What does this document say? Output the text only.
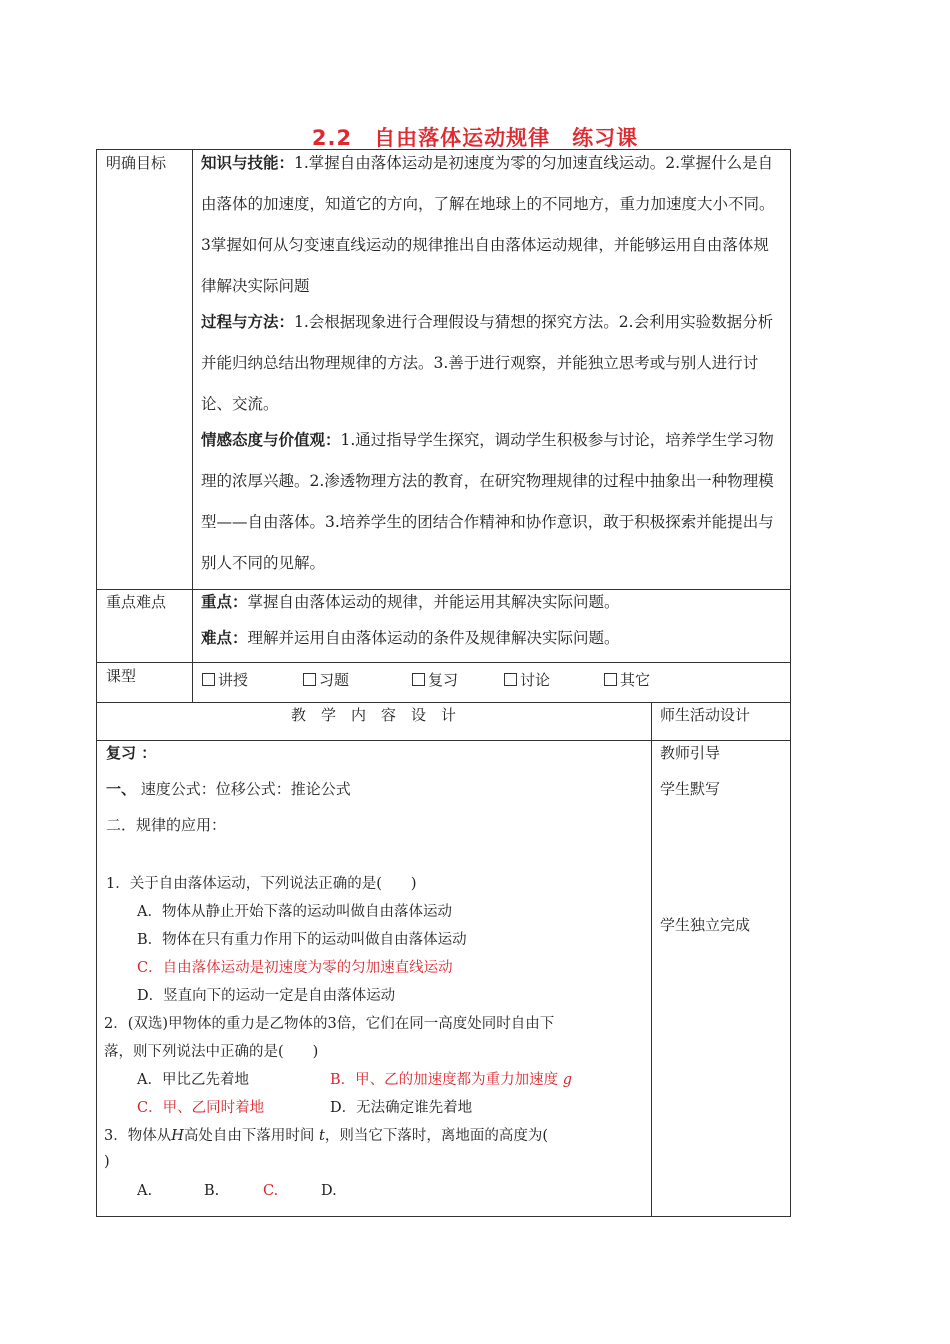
2.2 自由落体运动规律 练习课
明确目标 知识与技能：1.掌握自由落体运动是初速度为零的匀加速直线运动。2.掌握什么是自由落体的加速度，知道它的方向，了解在地球上的不同地方，重力加速度大小不同。3掌握如何从匀变速直线运动的规律推出自由落体运动规律，并能够运用自由落体规律解决实际问题
过程与方法：1.会根据现象进行合理假设与猜想的探究方法。2.会利用实验数据分析并能归纳总结出物理规律的方法。3.善于进行观察，并能独立思考或与别人进行讨论、交流。
情感态度与价值观：1.通过指导学生探究，调动学生积极参与讨论，培养学生学习物理的浓厚兴趣。2.渗透物理方法的教育，在研究物理规律的过程中抽象出一种物理模型——自由落体。3.培养学生的团结合作精神和协作意识，敢于积极探索并能提出与别人不同的见解。
重点难点 重点：掌握自由落体运动的规律，并能运用其解决实际问题。
难点：理解并运用自由落体运动的条件及规律解决实际问题。
课型	讲授	习题	复习	讨论	其它
教　学　内　容　设　计	师生活动设计
复习 ：
一、 速度公式：位移公式：推论公式
二．规律的应用：
1．关于自由落体运动，下列说法正确的是(　　)
A．物体从静止开始下落的运动叫做自由落体运动
B．物体在只有重力作用下的运动叫做自由落体运动
C．自由落体运动是初速度为零的匀加速直线运动
D．竖直向下的运动一定是自由落体运动
2．(双选)甲物体的重力是乙物体的3倍，它们在同一高度处同时自由下
落，则下列说法中正确的是(　　)
A．甲比乙先着地	B．甲、乙的加速度都为重力加速度 g
C．甲、乙同时着地	D．无法确定谁先着地
3．物体从H高处自由下落用时间 t，则当它下落时，离地面的高度为(
)
A.	B.	C.	D.
教师引导
学生默写
学生独立完成
